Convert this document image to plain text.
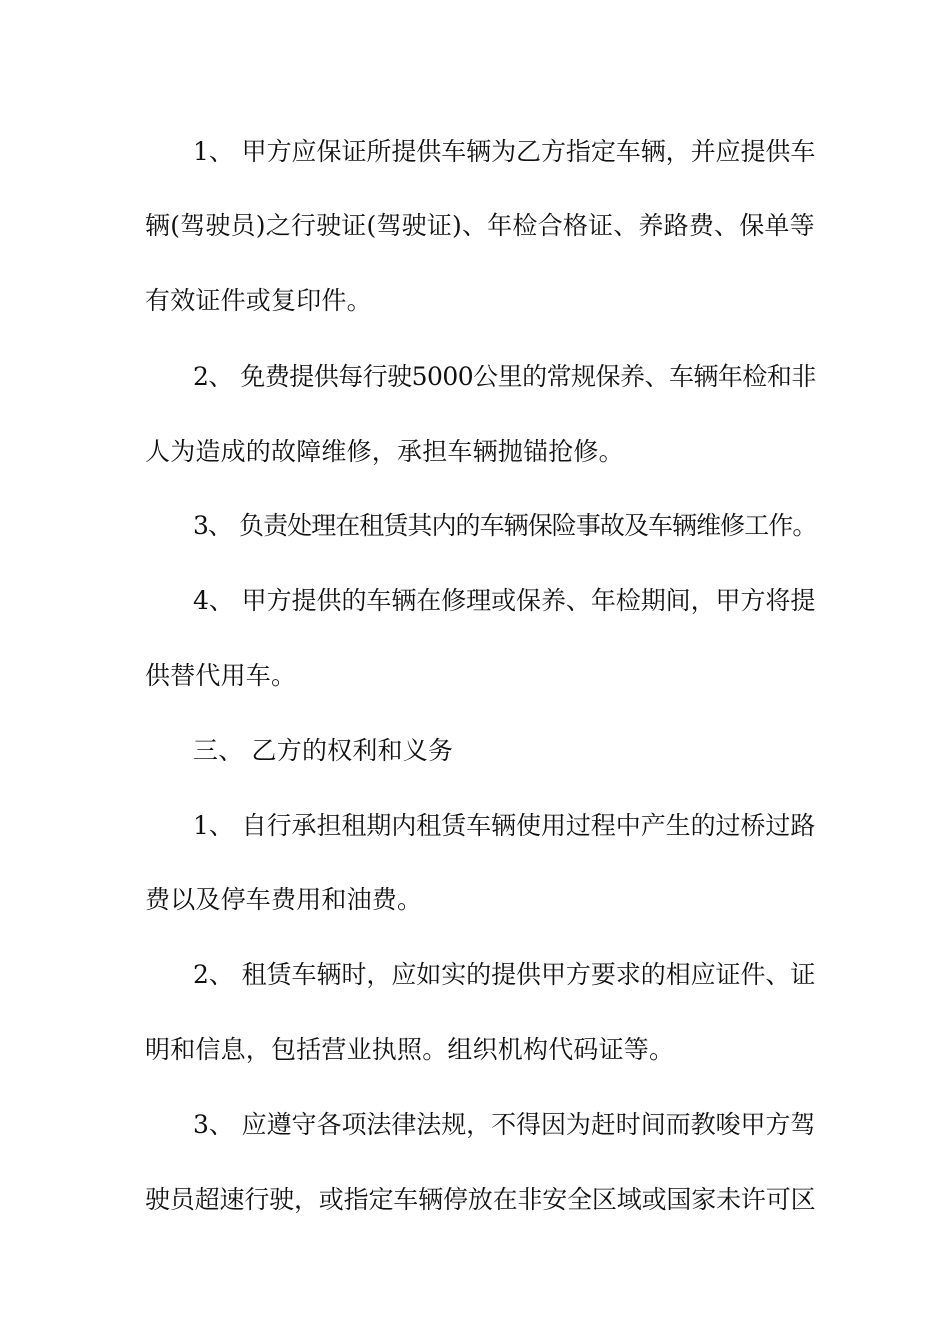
1、 甲方应保证所提供车辆为乙方指定车辆，并应提供车
辆(驾驶员)之行驶证(驾驶证)、年检合格证、养路费、保单等
有效证件或复印件。
2、 免费提供每行驶5000公里的常规保养、车辆年检和非
人为造成的故障维修，承担车辆抛锚抢修。
3、 负责处理在租赁其内的车辆保险事故及车辆维修工作。
4、 甲方提供的车辆在修理或保养、年检期间，甲方将提
供替代用车。
三、 乙方的权利和义务
1、 自行承担租期内租赁车辆使用过程中产生的过桥过路
费以及停车费用和油费。
2、 租赁车辆时，应如实的提供甲方要求的相应证件、证
明和信息，包括营业执照。组织机构代码证等。
3、 应遵守各项法律法规，不得因为赶时间而教唆甲方驾
驶员超速行驶，或指定车辆停放在非安全区域或国家未许可区
